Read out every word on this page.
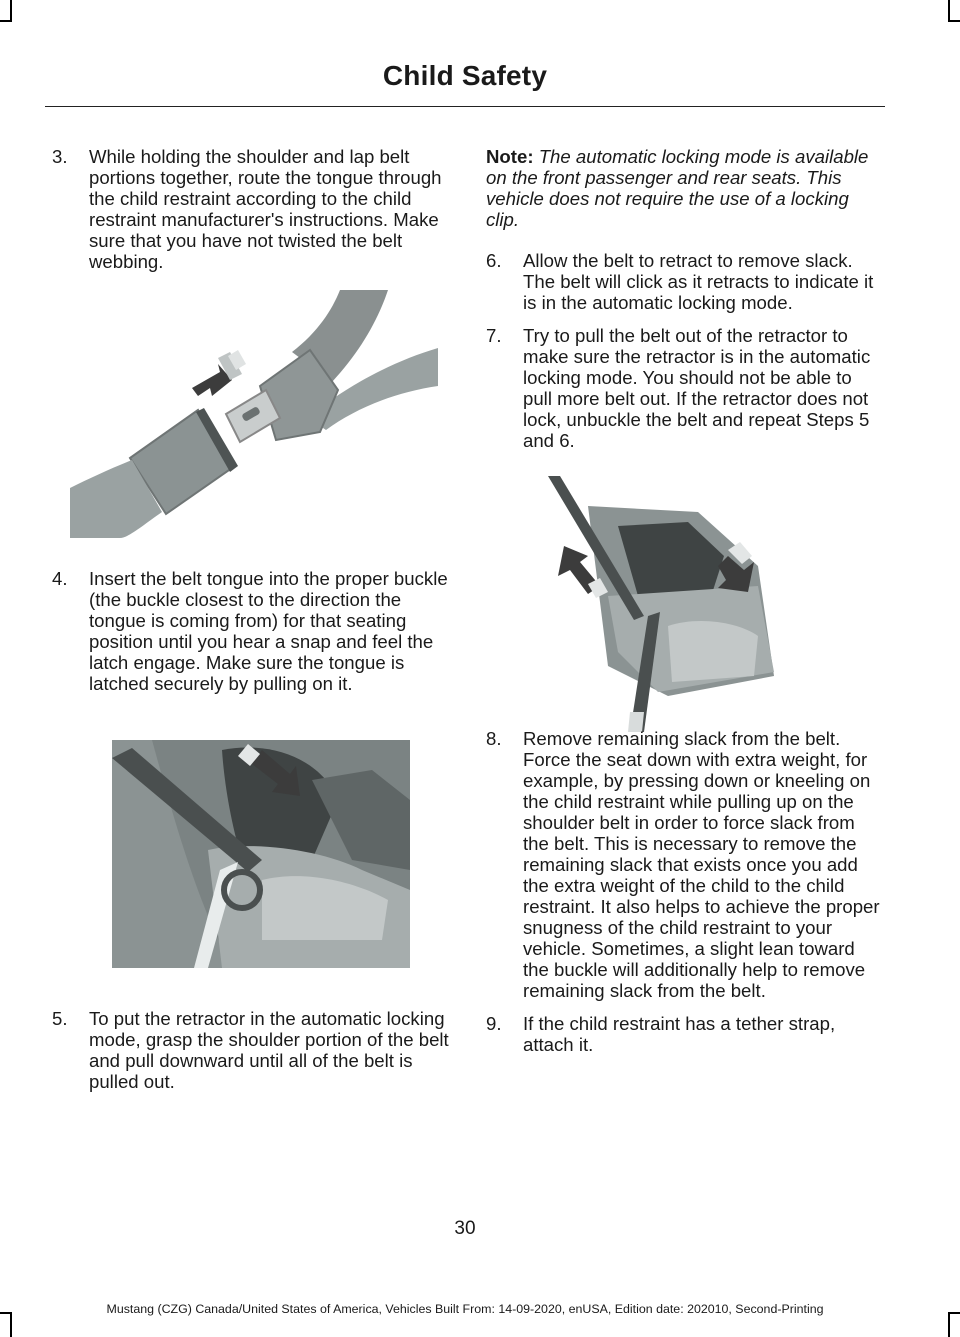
Child Safety

3. While holding the shoulder and lap belt portions together, route the tongue through the child restraint according to the child restraint manufacturer's instructions. Make sure that you have not twisted the belt webbing.

4. Insert the belt tongue into the proper buckle (the buckle closest to the direction the tongue is coming from) for that seating position until you hear a snap and feel the latch engage. Make sure the tongue is latched securely by pulling on it.

5. To put the retractor in the automatic locking mode, grasp the shoulder portion of the belt and pull downward until all of the belt is pulled out.

Note: The automatic locking mode is available on the front passenger and rear seats. This vehicle does not require the use of a locking clip.

6. Allow the belt to retract to remove slack. The belt will click as it retracts to indicate it is in the automatic locking mode.

7. Try to pull the belt out of the retractor to make sure the retractor is in the automatic locking mode. You should not be able to pull more belt out. If the retractor does not lock, unbuckle the belt and repeat Steps 5 and 6.

8. Remove remaining slack from the belt. Force the seat down with extra weight, for example, by pressing down or kneeling on the child restraint while pulling up on the shoulder belt in order to force slack from the belt. This is necessary to remove the remaining slack that exists once you add the extra weight of the child to the child restraint. It also helps to achieve the proper snugness of the child restraint to your vehicle. Sometimes, a slight lean toward the buckle will additionally help to remove remaining slack from the belt.

9. If the child restraint has a tether strap, attach it.

30
Mustang (CZG) Canada/United States of America, Vehicles Built From: 14-09-2020, enUSA, Edition date: 202010, Second-Printing
